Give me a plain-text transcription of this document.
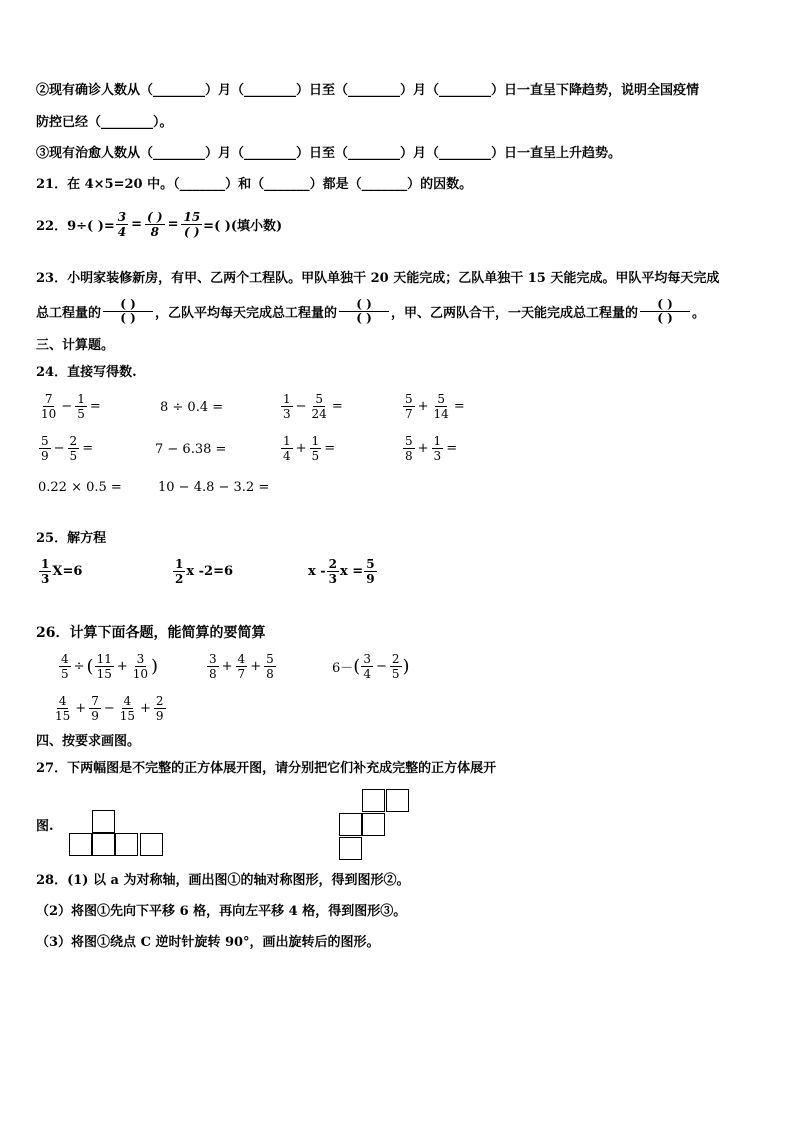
②现有确诊人数从（________）月（________）日至（________）月（________）日一直呈下降趋势，说明全国疫情
防控已经（________）。
③现有治愈人数从（________）月（________）日至（________）月（________）日一直呈上升趋势。
21．在 4×5=20 中。（_______）和（_______）都是（_______）的因数。
22．9÷( )= $\frac{3}{4} = \frac{( )}{8} = \frac{15}{( )}$ =( )(填小数)
23．小明家装修新房，有甲、乙两个工程队。甲队单独干 20 天能完成；乙队单独干 15 天能完成。甲队平均每天完成
总工程量的 $\frac{( )}{( )}$ ，乙队平均每天完成总工程量的 $\frac{( )}{( )}$ ，甲、乙两队合干，一天能完成总工程量的 $\frac{( )}{( )}$ 。
三、计算题。
24．直接写得数.
$\frac{7}{10} - \frac{1}{5}$ =	8 ÷ 0.4 =	$\frac{1}{3} - \frac{5}{24}$ =	$\frac{5}{7} + \frac{5}{14}$ =
$\frac{5}{9} - \frac{2}{5}$ =	7 − 6.38 =	$\frac{1}{4} + \frac{1}{5}$ =	$\frac{5}{8} + \frac{1}{3}$ =
0.22 × 0.5 =	10 − 4.8 − 3.2 =
25．解方程
$\frac{1}{3} X=6$	$\frac{1}{2}$ x -2=6	x - $\frac{2}{3}$ $x = \frac{5}{9}$
26．计算下面各题，能简算的要简算
$\frac{4}{5}$ ÷ ( $\frac{11}{15} + \frac{3}{10}$ )	$\frac{3}{8} + \frac{4}{7} + \frac{5}{8}$	6－ ( $\frac{3}{4} - \frac{2}{5}$ )
$\frac{4}{15} + \frac{7}{9} - \frac{4}{15} + \frac{2}{9}$
四、按要求画图。
27．下两幅图是不完整的正方体展开图，请分别把它们补充成完整的正方体展开
图.
28．(1) 以 a 为对称轴，画出图①的轴对称图形，得到图形②。
（2）将图①先向下平移 6 格，再向左平移 4 格，得到图形③。
（3）将图①绕点 C 逆时针旋转 90°，画出旋转后的图形。
